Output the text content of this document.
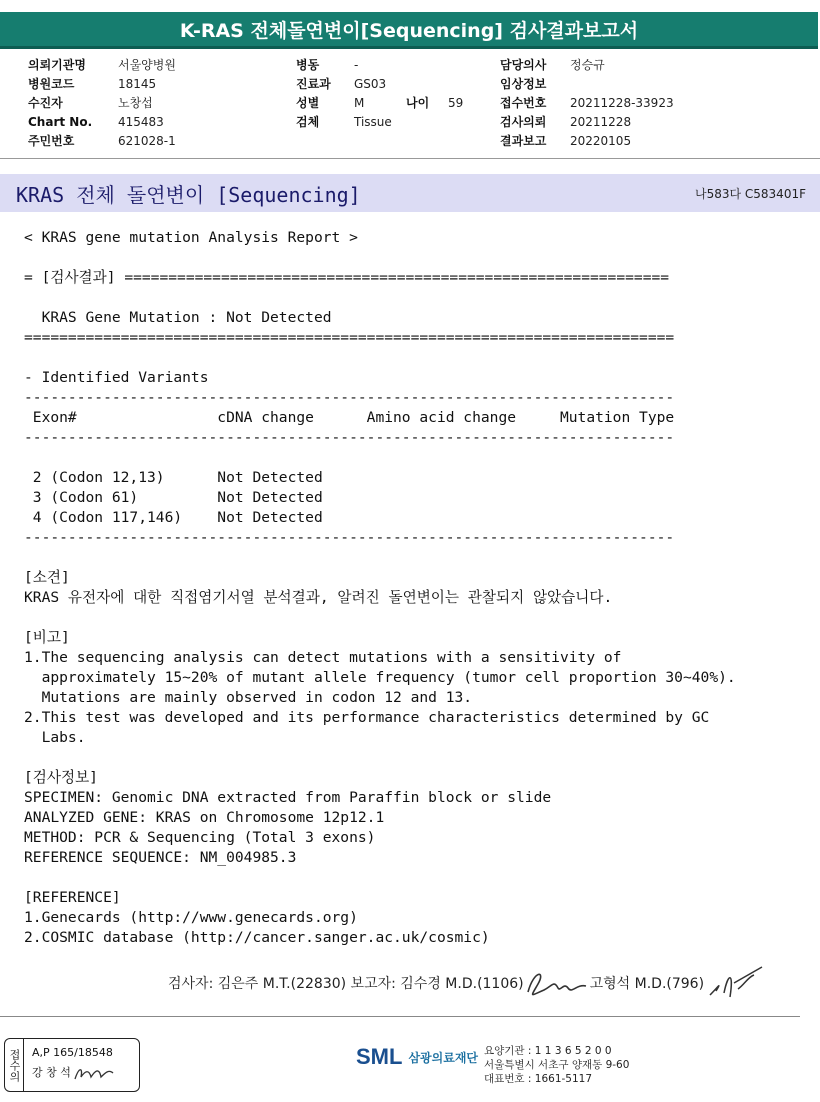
K-RAS 전체돌연변이[Sequencing] 검사결과보고서
의뢰기관명	서울양병원
병원코드	18145
수진자	노창섭
Chart No.	415483
주민번호	621028-1
병동	-
진료과	GS03
성별	M	나이	59
검체	Tissue
담당의사	정승규
임상정보
접수번호	20211228-33923
검사의뢰	20211228
결과보고	20220105
KRAS 전체 돌연변이 [Sequencing]	나583다 C583401F
< KRAS gene mutation Analysis Report >
= [검사결과] ==============================================================
KRAS Gene Mutation : Not Detected
==========================================================================
- Identified Variants
--------------------------------------------------------------------------
Exon#                cDNA change      Amino acid change     Mutation Type
--------------------------------------------------------------------------
2 (Codon 12,13)      Not Detected
3 (Codon 61)         Not Detected
4 (Codon 117,146)    Not Detected
--------------------------------------------------------------------------
[소견]
KRAS 유전자에 대한 직접염기서열 분석결과, 알려진 돌연변이는 관찰되지 않았습니다.
[비고]
1.The sequencing analysis can detect mutations with a sensitivity of
approximately 15~20% of mutant allele frequency (tumor cell proportion 30~40%).
Mutations are mainly observed in codon 12 and 13.
2.This test was developed and its performance characteristics determined by GC
Labs.
[검사정보]
SPECIMEN: Genomic DNA extracted from Paraffin block or slide
ANALYZED GENE: KRAS on Chromosome 12p12.1
METHOD: PCR & Sequencing (Total 3 exons)
REFERENCE SEQUENCE: NM_004985.3
[REFERENCE]
1.Genecards (http://www.genecards.org)
2.COSMIC database (http://cancer.sanger.ac.uk/cosmic)
검사자: 김은주 M.T.(22830)
보고자: 김수경 M.D.(1106)	고형석 M.D.(796)
접수의 A,P 165/18548
강 창 석
SML 삼광의료재단 요양기관 : 1 1 3 6 5 2 0 0
서울특별시 서초구 양재동 9-60
대표번호 : 1661-5117
